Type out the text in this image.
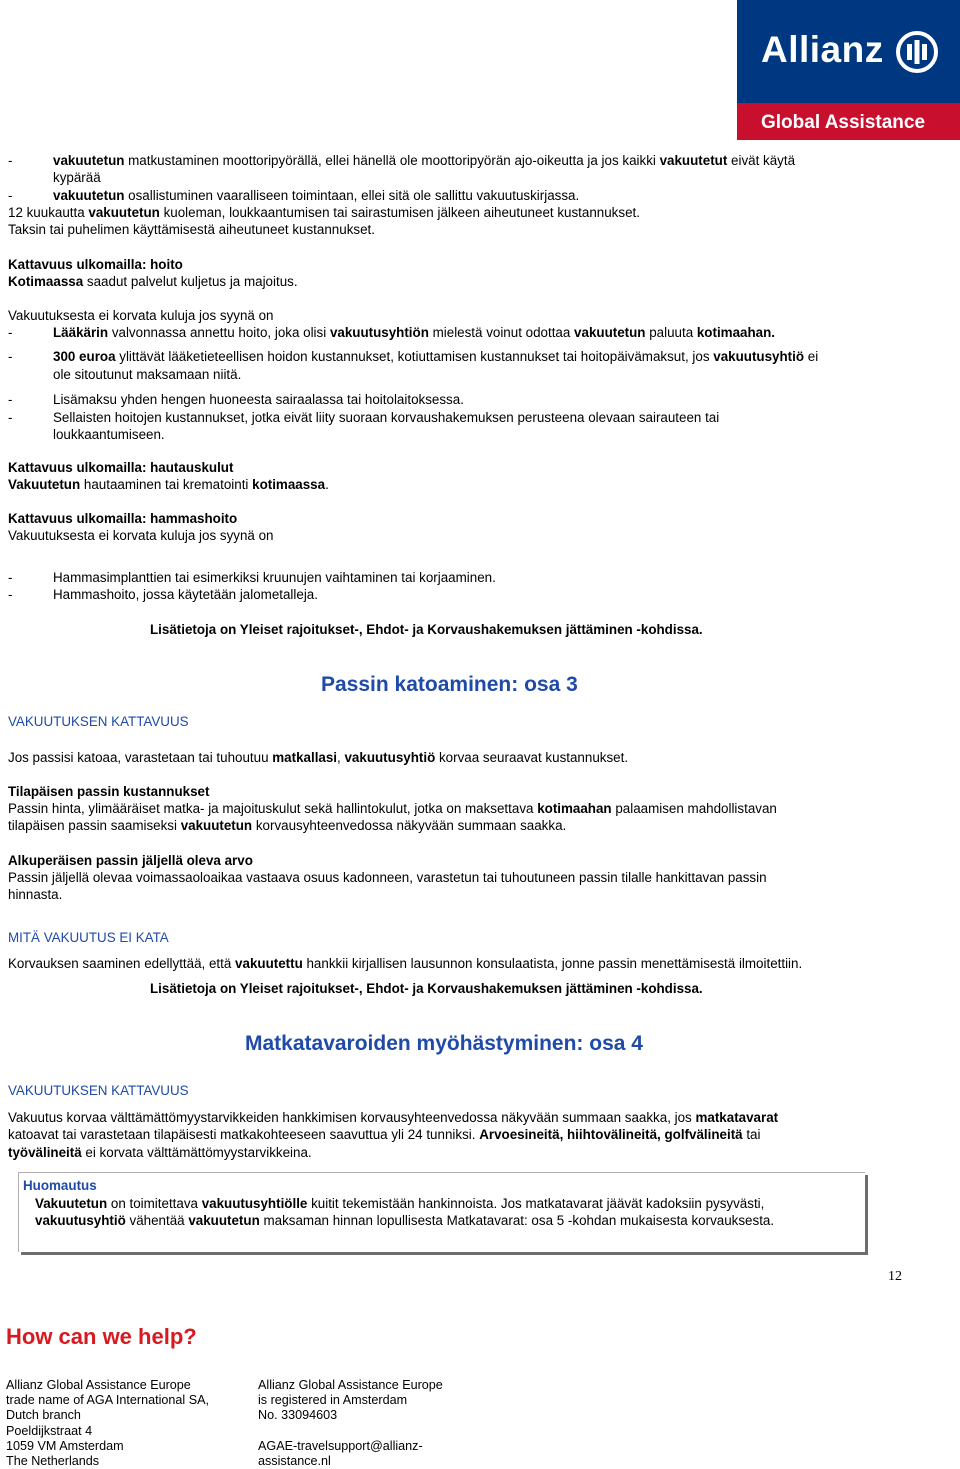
Allianz
Global Assistance
-	vakuutetun matkustaminen moottoripyörällä, ellei hänellä ole moottoripyörän ajo-oikeutta ja jos kaikki vakuutetut eivät käytä
kypärää
-	vakuutetun osallistuminen vaaralliseen toimintaan, ellei sitä ole sallittu vakuutuskirjassa.
12 kuukautta vakuutetun kuoleman, loukkaantumisen tai sairastumisen jälkeen aiheutuneet kustannukset.
Taksin tai puhelimen käyttämisestä aiheutuneet kustannukset.
Kattavuus ulkomailla: hoito
Kotimaassa saadut palvelut kuljetus ja majoitus.
Vakuutuksesta ei korvata kuluja jos syynä on
-	Lääkärin valvonnassa annettu hoito, joka olisi vakuutusyhtiön mielestä voinut odottaa vakuutetun paluuta kotimaahan.
-	300 euroa ylittävät lääketieteellisen hoidon kustannukset, kotiuttamisen kustannukset tai hoitopäivämaksut, jos vakuutusyhtiö ei
ole sitoutunut maksamaan niitä.
-	Lisämaksu yhden hengen huoneesta sairaalassa tai hoitolaitoksessa.
-	Sellaisten hoitojen kustannukset, jotka eivät liity suoraan korvaushakemuksen perusteena olevaan sairauteen tai
loukkaantumiseen.
Kattavuus ulkomailla: hautauskulut
Vakuutetun hautaaminen tai krematointi kotimaassa.
Kattavuus ulkomailla: hammashoito
Vakuutuksesta ei korvata kuluja jos syynä on
-	Hammasimplanttien tai esimerkiksi kruunujen vaihtaminen tai korjaaminen.
-	Hammashoito, jossa käytetään jalometalleja.
Lisätietoja on Yleiset rajoitukset-, Ehdot- ja Korvaushakemuksen jättäminen -kohdissa.
Passin katoaminen: osa 3
VAKUUTUKSEN KATTAVUUS
Jos passisi katoaa, varastetaan tai tuhoutuu matkallasi, vakuutusyhtiö korvaa seuraavat kustannukset.
Tilapäisen passin kustannukset
Passin hinta, ylimääräiset matka- ja majoituskulut sekä hallintokulut, jotka on maksettava kotimaahan palaamisen mahdollistavan
tilapäisen passin saamiseksi vakuutetun korvausyhteenvedossa näkyvään summaan saakka.
Alkuperäisen passin jäljellä oleva arvo
Passin jäljellä olevaa voimassaoloaikaa vastaava osuus kadonneen, varastetun tai tuhoutuneen passin tilalle hankittavan passin
hinnasta.
MITÄ VAKUUTUS EI KATA
Korvauksen saaminen edellyttää, että vakuutettu hankkii kirjallisen lausunnon konsulaatista, jonne passin menettämisestä ilmoitettiin.
Lisätietoja on Yleiset rajoitukset-, Ehdot- ja Korvaushakemuksen jättäminen -kohdissa.
Matkatavaroiden myöhästyminen: osa 4
VAKUUTUKSEN KATTAVUUS
Vakuutus korvaa välttämättömyystarvikkeiden hankkimisen korvausyhteenvedossa näkyvään summaan saakka, jos matkatavarat
katoavat tai varastetaan tilapäisesti matkakohteeseen saavuttua yli 24 tunniksi. Arvoesineitä, hiihtovälineitä, golfvälineitä tai
työvälineitä ei korvata välttämättömyystarvikkeina.
Huomautus
Vakuutetun on toimitettava vakuutusyhtiölle kuitit tekemistään hankinnoista. Jos matkatavarat jäävät kadoksiin pysyvästi,
vakuutusyhtiö vähentää vakuutetun maksaman hinnan lopullisesta Matkatavarat: osa 5 -kohdan mukaisesta korvauksesta.
12
How can we help?
Allianz Global Assistance Europe
trade name of AGA International SA,
Dutch branch
Poeldijkstraat 4
1059 VM Amsterdam
The Netherlands
Allianz Global Assistance Europe
is registered in Amsterdam
No. 33094603
AGAE-travelsupport@allianz-
assistance.nl
